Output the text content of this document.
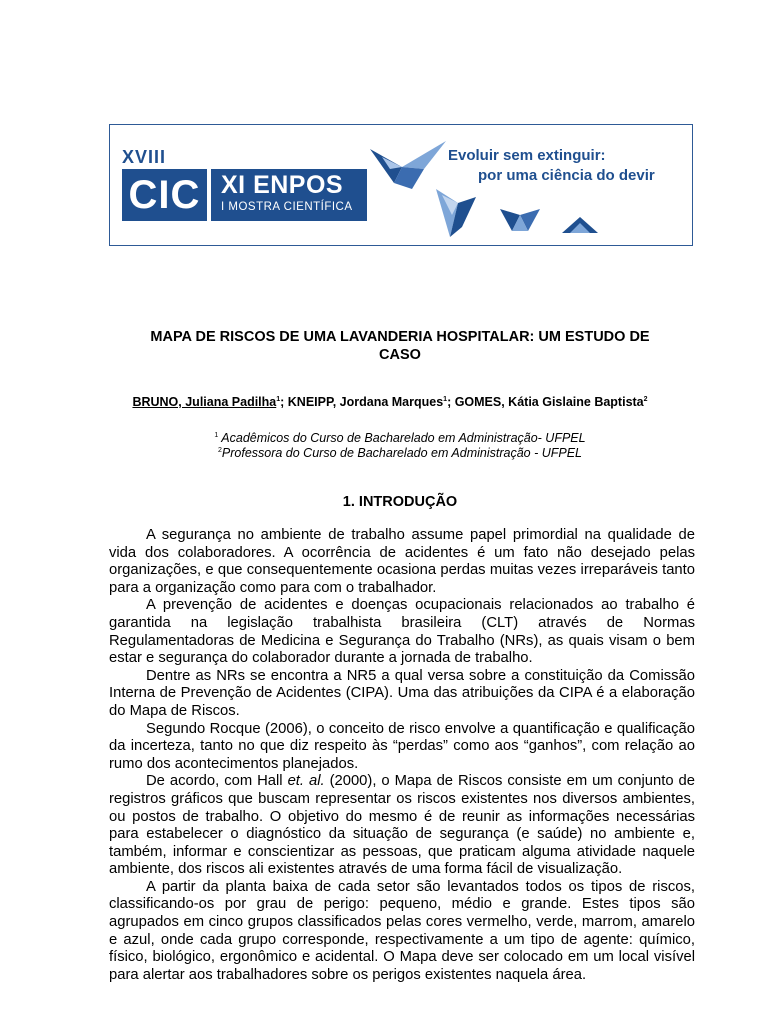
XVIII
CIC XI ENPOS
I MOSTRA CIENTÍFICA
Evoluir sem extinguir:
por uma ciência do devir
MAPA DE RISCOS DE UMA LAVANDERIA HOSPITALAR: UM ESTUDO DE
CASO
BRUNO, Juliana Padilha$^1$; KNEIPP, Jordana Marques$^1$; GOMES, Kátia Gislaine Baptista$^2$
$^1$ Acadêmicos do Curso de Bacharelado em Administração- UFPEL
$^2$Professora do Curso de Bacharelado em Administração - UFPEL
1. INTRODUÇÃO

A segurança no ambiente de trabalho assume papel primordial na qualidade de vida dos colaboradores. A ocorrência de acidentes é um fato não desejado pelas organizações, e que consequentemente ocasiona perdas muitas vezes irreparáveis tanto para a organização como para com o trabalhador.

A prevenção de acidentes e doenças ocupacionais relacionados ao trabalho é garantida na legislação trabalhista brasileira (CLT) através de Normas Regulamentadoras de Medicina e Segurança do Trabalho (NRs), as quais visam o bem estar e segurança do colaborador durante a jornada de trabalho.

Dentre as NRs se encontra a NR5 a qual versa sobre a constituição da Comissão Interna de Prevenção de Acidentes (CIPA). Uma das atribuições da CIPA é a elaboração do Mapa de Riscos.

Segundo Rocque (2006), o conceito de risco envolve a quantificação e qualificação da incerteza, tanto no que diz respeito às “perdas” como aos “ganhos”, com relação ao rumo dos acontecimentos planejados.

De acordo, com Hall et. al. (2000), o Mapa de Riscos consiste em um conjunto de registros gráficos que buscam representar os riscos existentes nos diversos ambientes, ou postos de trabalho. O objetivo do mesmo é de reunir as informações necessárias para estabelecer o diagnóstico da situação de segurança (e saúde) no ambiente e, também, informar e conscientizar as pessoas, que praticam alguma atividade naquele ambiente, dos riscos ali existentes através de uma forma fácil de visualização.

A partir da planta baixa de cada setor são levantados todos os tipos de riscos, classificando-os por grau de perigo: pequeno, médio e grande. Estes tipos são agrupados em cinco grupos classificados pelas cores vermelho, verde, marrom, amarelo e azul, onde cada grupo corresponde, respectivamente a um tipo de agente: químico, físico, biológico, ergonômico e acidental. O Mapa deve ser colocado em um local visível para alertar aos trabalhadores sobre os perigos existentes naquela área.
